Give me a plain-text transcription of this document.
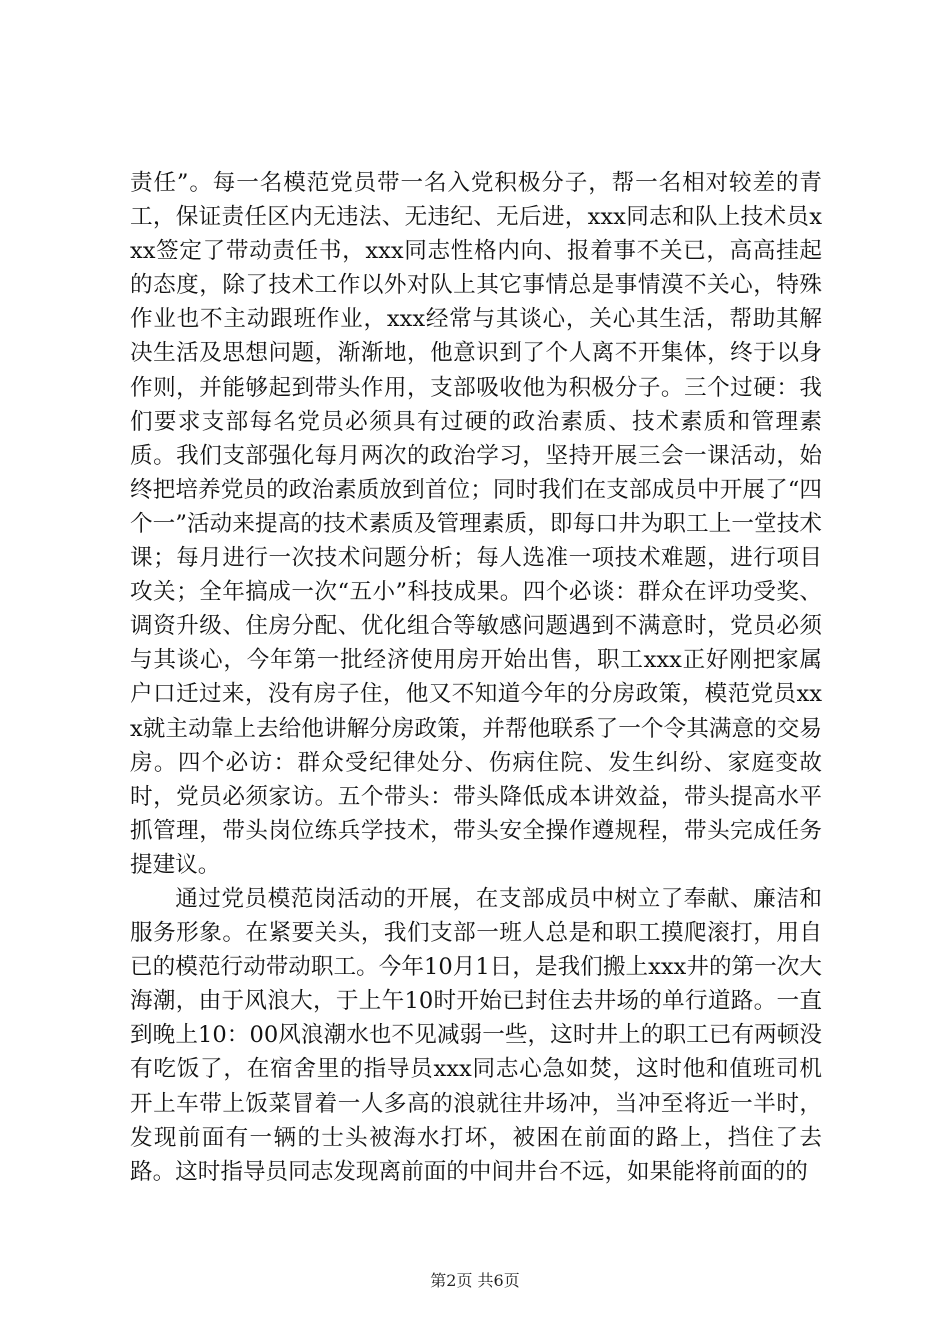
责任”。每一名模范党员带一名入党积极分子，帮一名相对较差的青工，保证责任区内无违法、无违纪、无后进，xxx同志和队上技术员xxx签定了带动责任书，xxx同志性格内向、报着事不关已，高高挂起的态度，除了技术工作以外对队上其它事情总是事情漠不关心，特殊作业也不主动跟班作业，xxx经常与其谈心，关心其生活，帮助其解决生活及思想问题，渐渐地，他意识到了个人离不开集体，终于以身作则，并能够起到带头作用，支部吸收他为积极分子。三个过硬：我们要求支部每名党员必须具有过硬的政治素质、技术素质和管理素质。我们支部强化每月两次的政治学习，坚持开展三会一课活动，始终把培养党员的政治素质放到首位；同时我们在支部成员中开展了“四个一”活动来提高的技术素质及管理素质，即每口井为职工上一堂技术课；每月进行一次技术问题分析；每人选准一项技术难题，进行项目攻关；全年搞成一次“五小”科技成果。四个必谈：群众在评功受奖、调资升级、住房分配、优化组合等敏感问题遇到不满意时，党员必须与其谈心，今年第一批经济使用房开始出售，职工xxx正好刚把家属户口迁过来，没有房子住，他又不知道今年的分房政策，模范党员xxx就主动靠上去给他讲解分房政策，并帮他联系了一个令其满意的交易房。四个必访：群众受纪律处分、伤病住院、发生纠纷、家庭变故时，党员必须家访。五个带头：带头降低成本讲效益，带头提高水平抓管理，带头岗位练兵学技术，带头安全操作遵规程，带头完成任务提建议。

通过党员模范岗活动的开展，在支部成员中树立了奉献、廉洁和服务形象。在紧要关头，我们支部一班人总是和职工摸爬滚打，用自已的模范行动带动职工。今年10月1日，是我们搬上xxx井的第一次大海潮，由于风浪大，于上午10时开始已封住去井场的单行道路。一直到晚上10：00风浪潮水也不见减弱一些，这时井上的职工已有两顿没有吃饭了，在宿舍里的指导员xxx同志心急如焚，这时他和值班司机开上车带上饭菜冒着一人多高的浪就往井场冲，当冲至将近一半时，发现前面有一辆的士头被海水打坏，被困在前面的路上，挡住了去路。这时指导员同志发现离前面的中间井台不远，如果能将前面的的

第2页 共6页
